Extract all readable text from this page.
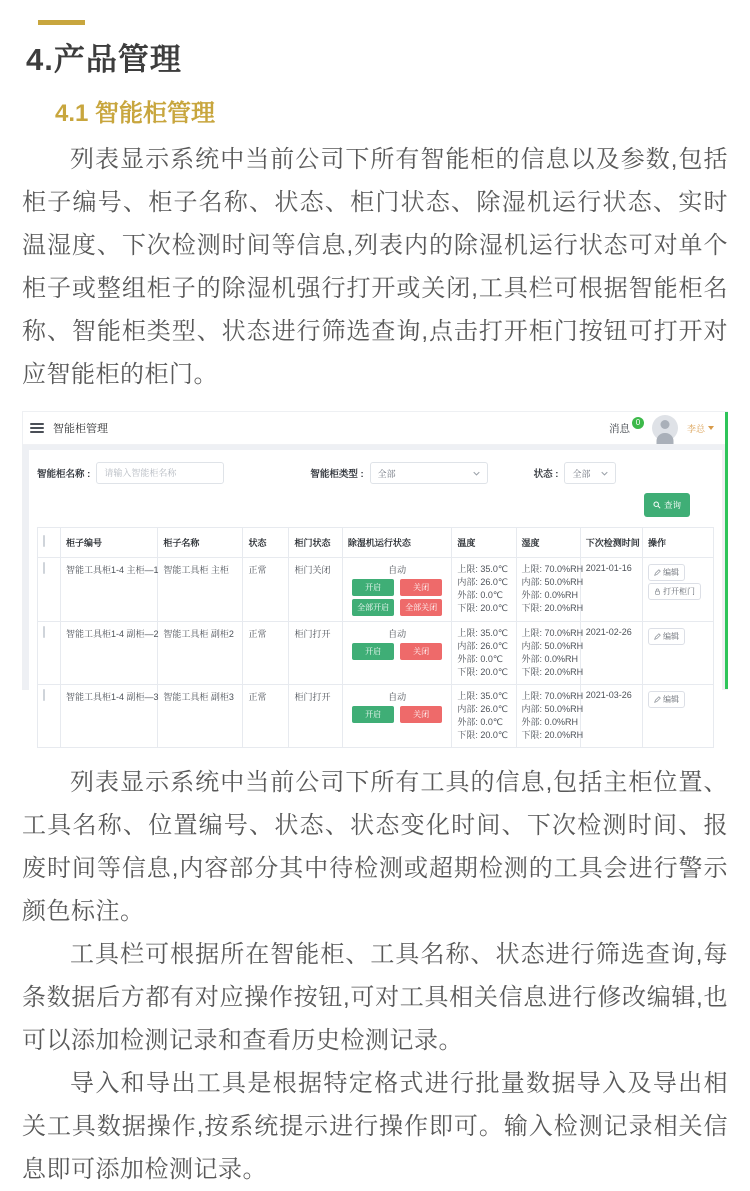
4.产品管理
4.1 智能柜管理

列表显示系统中当前公司下所有智能柜的信息以及参数,包括柜子编号、柜子名称、状态、柜门状态、除湿机运行状态、实时温湿度、下次检测时间等信息,列表内的除湿机运行状态可对单个柜子或整组柜子的除湿机强行打开或关闭,工具栏可根据智能柜名称、智能柜类型、状态进行筛选查询,点击打开柜门按钮可打开对应智能柜的柜门。

智能柜管理	消息 0
李总
智能柜名称 :
请输入智能柜名称	智能柜类型 : 全部	状态 : 全部
查询
	柜子编号	柜子名称	状态	柜门状态	除湿机运行状态	温度	湿度	下次检测时间	操作
	智能工具柜1-4 主柜—1	智能工具柜 主柜	正常	柜门关闭	自动
开启	关闭
全部开启	全部关闭

上限: 35.0℃
内部: 26.0℃
外部: 0.0℃
下限: 20.0℃

上限: 70.0%RH
内部: 50.0%RH
外部: 0.0%RH
下限: 20.0%RH
	2021-01-16	编辑
打开柜门

	智能工具柜1-4 副柜—2	智能工具柜 副柜2	正常	柜门打开	自动
开启 关闭	上限: 35.0℃
内部: 26.0℃
外部: 0.0℃
下限: 20.0℃	上限: 70.0%RH
内部: 50.0%RH
外部: 0.0%RH
下限: 20.0%RH	2021-02-26	编辑

	智能工具柜1-4 副柜—3	智能工具柜 副柜3	正常	柜门打开	自动
开启 关闭	上限: 35.0℃
内部: 26.0℃
外部: 0.0℃
下限: 20.0℃	上限: 70.0%RH
内部: 50.0%RH
外部: 0.0%RH
下限: 20.0%RH	2021-03-26	编辑

列表显示系统中当前公司下所有工具的信息,包括主柜位置、工具名称、位置编号、状态、状态变化时间、下次检测时间、报废时间等信息,内容部分其中待检测或超期检测的工具会进行警示颜色标注。

工具栏可根据所在智能柜、工具名称、状态进行筛选查询,每条数据后方都有对应操作按钮,可对工具相关信息进行修改编辑,也可以添加检测记录和查看历史检测记录。

导入和导出工具是根据特定格式进行批量数据导入及导出相关工具数据操作,按系统提示进行操作即可。输入检测记录相关信息即可添加检测记录。
